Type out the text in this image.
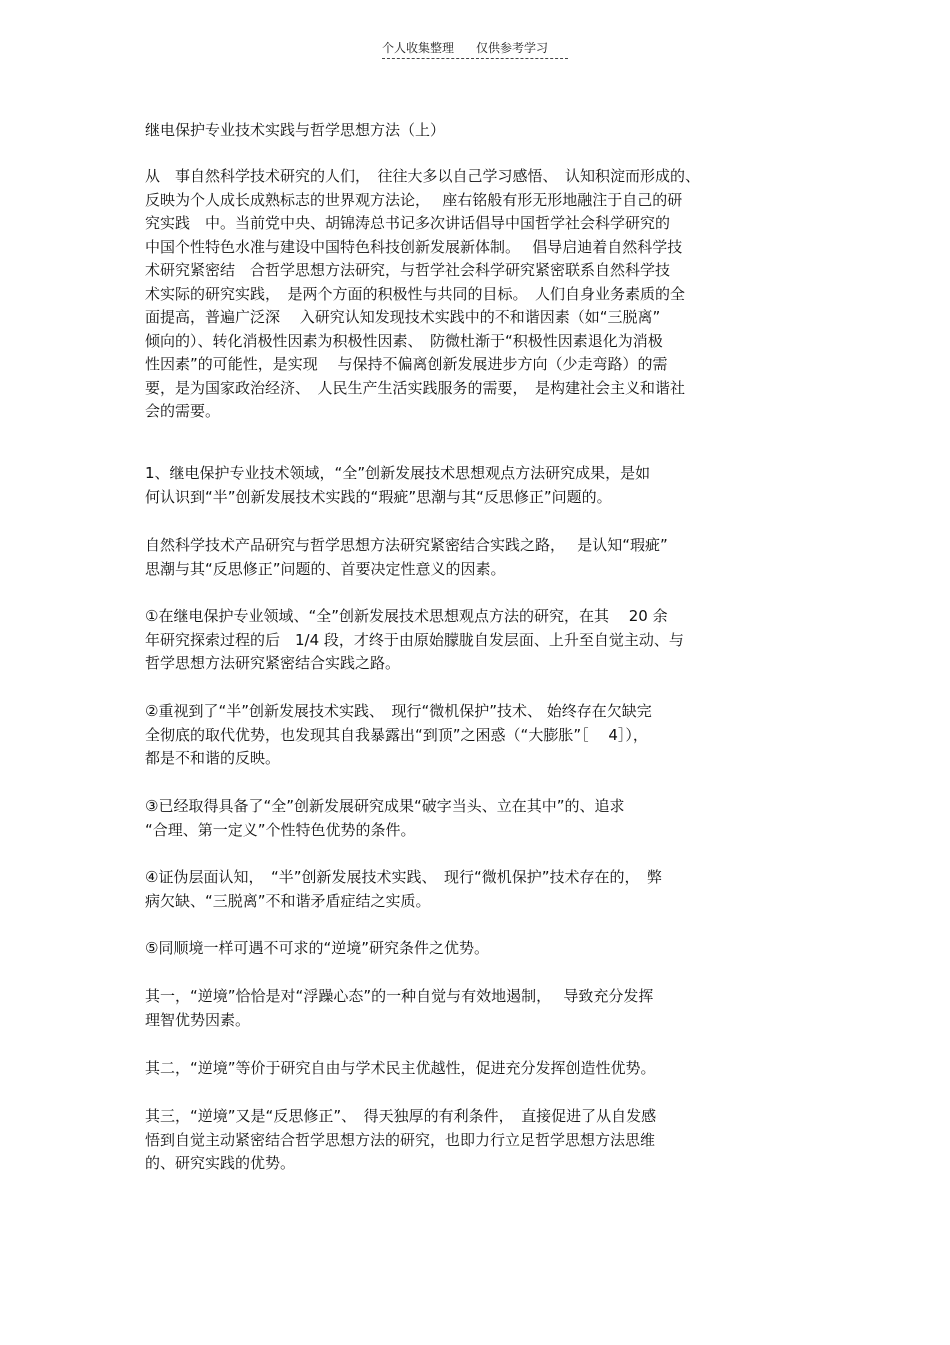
个人收集整理 仅供参考学习
继电保护专业技术实践与哲学思想方法（上）
从　事自然科学技术研究的人们，　往往大多以自己学习感悟、　认知积淀而形成的、
反映为个人成长成熟标志的世界观方法论，　 座右铭般有形无形地融注于自己的研
究实践　中。当前党中央、胡锦涛总书记多次讲话倡导中国哲学社会科学研究的
中国个性特色水准与建设中国特色科技创新发展新体制。　 倡导启迪着自然科学技
术研究紧密结　合哲学思想方法研究，与哲学社会科学研究紧密联系自然科学技
术实际的研究实践，　是两个方面的积极性与共同的目标。　人们自身业务素质的全
面提高，普遍广泛深　 入研究认知发现技术实践中的不和谐因素（如“三脱离”
倾向的）、转化消极性因素为积极性因素、　防微杜渐于“积极性因素退化为消极
性因素”的可能性，是实现　 与保持不偏离创新发展进步方向（少走弯路）的需
要，是为国家政治经济、　人民生产生活实践服务的需要，　是构建社会主义和谐社
会的需要。
1、继电保护专业技术领域，“全”创新发展技术思想观点方法研究成果，是如
何认识到“半”创新发展技术实践的“瑕疵”思潮与其“反思修正”问题的。
自然科学技术产品研究与哲学思想方法研究紧密结合实践之路，　 是认知“瑕疵”
思潮与其“反思修正”问题的、首要决定性意义的因素。
①在继电保护专业领域、“全”创新发展技术思想观点方法的研究，在其　 20 余
年研究探索过程的后　1/4 段，才终于由原始朦胧自发层面、上升至自觉主动、与
哲学思想方法研究紧密结合实践之路。
②重视到了“半”创新发展技术实践、　现行“微机保护”技术、 始终存在欠缺完
全彻底的取代优势，也发现其自我暴露出“到顶”之困惑（“大膨胀”［　 4］），
都是不和谐的反映。
③已经取得具备了“全”创新发展研究成果“破字当头、立在其中”的、追求
“合理、第一定义”个性特色优势的条件。
④证伪层面认知，　“半”创新发展技术实践、　现行“微机保护”技术存在的，　弊
病欠缺、“三脱离”不和谐矛盾症结之实质。
⑤同顺境一样可遇不可求的“逆境”研究条件之优势。
其一，“逆境”恰恰是对“浮躁心态”的一种自觉与有效地遏制，　 导致充分发挥
理智优势因素。
其二，“逆境”等价于研究自由与学术民主优越性，促进充分发挥创造性优势。
其三，“逆境”又是“反思修正”、　得天独厚的有利条件，　直接促进了从自发感
悟到自觉主动紧密结合哲学思想方法的研究，也即力行立足哲学思想方法思维
的、研究实践的优势。
